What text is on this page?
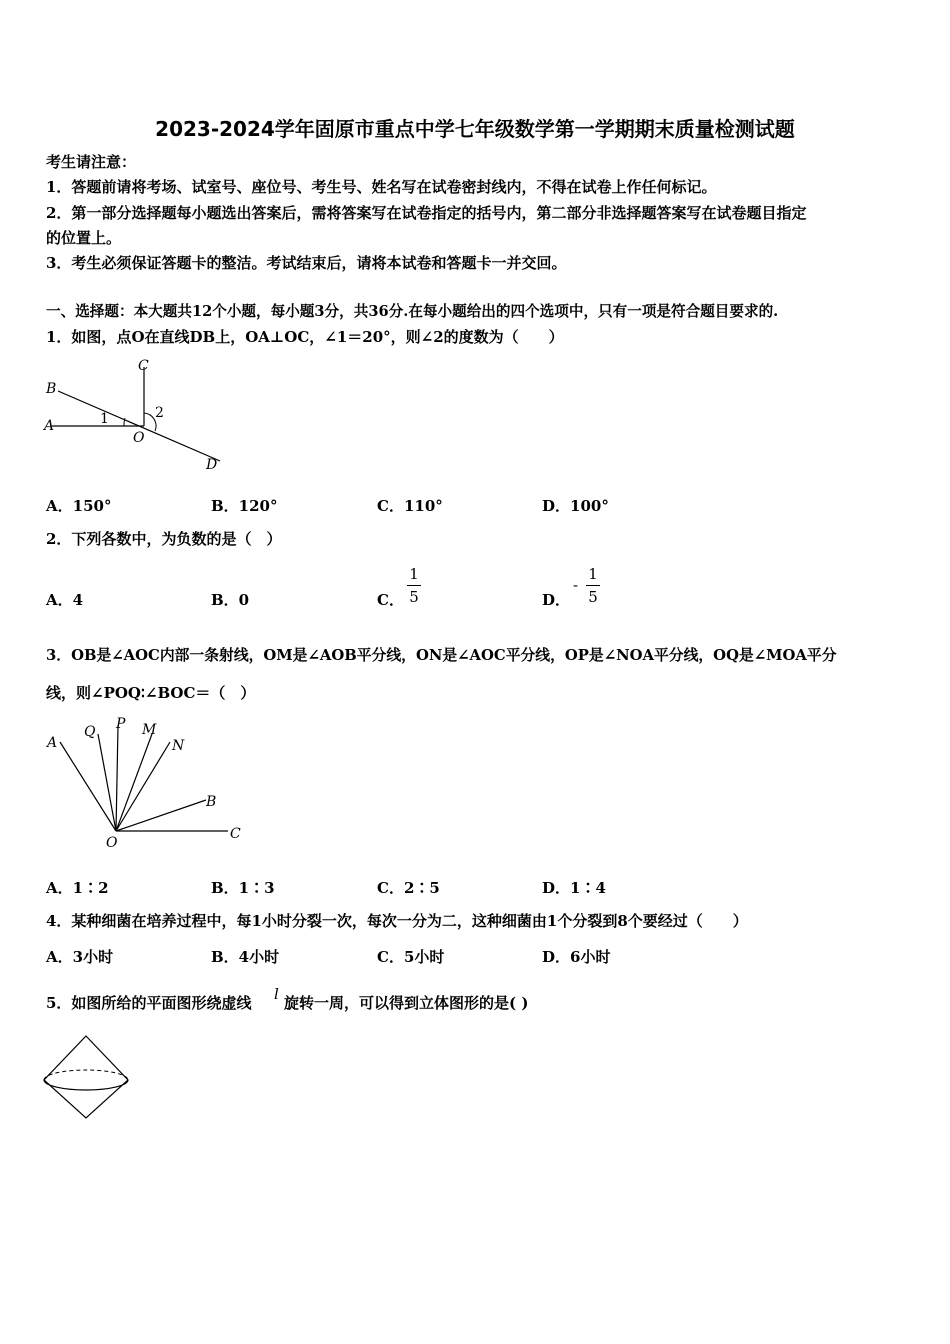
2023-2024学年固原市重点中学七年级数学第一学期期末质量检测试题
考生请注意：
1．答题前请将考场、试室号、座位号、考生号、姓名写在试卷密封线内，不得在试卷上作任何标记。
2．第一部分选择题每小题选出答案后，需将答案写在试卷指定的括号内，第二部分非选择题答案写在试卷题目指定
的位置上。
3．考生必须保证答题卡的整洁。考试结束后，请将本试卷和答题卡一并交回。
一、选择题：本大题共12个小题，每小题3分，共36分.在每小题给出的四个选项中，只有一项是符合题目要求的.
1．如图，点O在直线DB上，OA⊥OC，∠1＝20°，则∠2的度数为（　　）
B
C
A	1	2
O
D
A．150°	B．120°	C．110°	D．100°
2．下列各数中，为负数的是（　）
A．4	B．0	C．
1
5	D．
-
1
5
3．OB是∠AOC内部一条射线，OM是∠AOB平分线，ON是∠AOC平分线，OP是∠NOA平分线，OQ是∠MOA平分
线，则∠POQ∶∠BOC＝（　）
A
Q P M
N
B
O
C
A．1∶2	B．1∶3	C．2∶5	D．1∶4
4．某种细菌在培养过程中，每1小时分裂一次，每次一分为二，这种细菌由1个分裂到8个要经过（　　）
A．3小时	B．4小时	C．5小时	D．6小时
5．如图所给的平面图形绕虚线 l 旋转一周，可以得到立体图形的是( )
